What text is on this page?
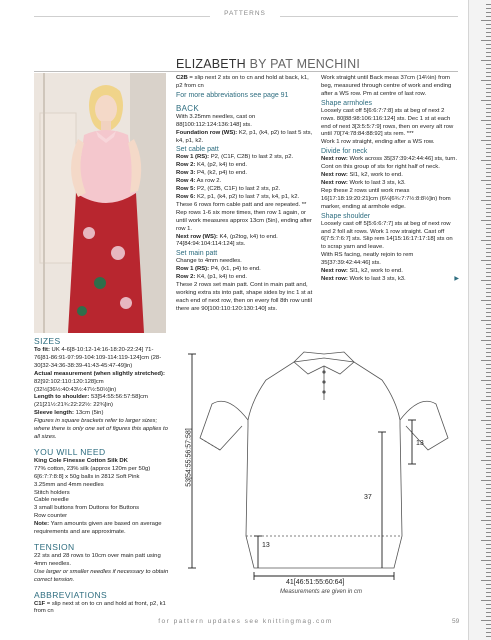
PATTERNS
ELIZABETH BY PAT MENCHINI

SIZES

To fit: UK 4-6[8-10:12-14:16-18:20-22:24] 71-76[81-86:91-97:99-104:109-114:119-124]cm (28-30[32-34:36-38:39-41:43-45:47-49]in)

Actual measurement (when slightly stretched): 82[92:102:110:120:128]cm (32½[36½:40:43½:47½:50½]in)

Length to shoulder: 53[54:55:56:57:58]cm (21[21½:21¾:22:22½: 22¾]in)

Sleeve length: 13cm (5in)

Figures in square brackets refer to larger sizes; where there is only one set of figures this applies to all sizes.

YOU WILL NEED

King Cole Finesse Cotton Silk DK

77% cotton, 23% silk (approx 120m per 50g) 6[6:7:7:8:8] x 50g balls in 2812 Soft Pink

3.25mm and 4mm needles

Stitch holders

Cable needle

3 small buttons from Duttons for Buttons

Row counter

Note: Yarn amounts given are based on average requirements and are approximate.

TENSION

22 sts and 28 rows to 10cm over main patt using 4mm needles.

Use larger or smaller needles if necessary to obtain correct tension.

ABBREVIATIONS

C1F = slip next st on to cn and hold at front, p2, k1 from cn

C2B = slip next 2 sts on to cn and hold at back, k1, p2 from cn

For more abbreviations see page 91

BACK

With 3.25mm needles, cast on 88[100:112:124:136:148] sts.

Foundation row (WS): K2, p1, (k4, p2) to last 5 sts, k4, p1, k2.

Set cable patt

Row 1 (RS): P2, (C1F, C2B) to last 2 sts, p2.

Row 2: K4, (p2, k4) to end.

Row 3: P4, (k2, p4) to end.

Row 4: As row 2.

Row 5: P2, (C2B, C1F) to last 2 sts, p2.

Row 6: K2, p1, (k4, p2) to last 7 sts, k4, p1, k2.

These 6 rows form cable patt and are repeated. **

Rep rows 1-6 six more times, then row 1 again, or until work measures approx 13cm (5in), ending after row 1.

Next row (WS): K4, (p2tog, k4) to end. 74[84:94:104:114:124] sts.

Set main patt

Change to 4mm needles.

Row 1 (RS): P4, (k1, p4) to end.

Row 2: K4, (p1, k4) to end.

These 2 rows set main patt. Cont in main patt and, working extra sts into patt, shape sides by inc 1 st at each end of next row, then on every foll 8th row until there are 90[100:110:120:130:140] sts.

Work straight until Back meas 37cm (14½in) from beg, measured through centre of work and ending after a WS row. Pm at centre of last row.

Shape armholes

Loosely cast off 5[6:6:7:7:8] sts at beg of next 2 rows. 80[88:98:106:116:124] sts. Dec 1 st at each end of next 3[3:5:5:7:9] rows, then on every alt row until 70[74:78:84:88:92] sts rem. ***

Work 1 row straight, ending after a WS row.

Divide for neck

Next row: Work across 35[37:39:42:44:46] sts, turn.

Cont on this group of sts for right half of neck.

Next row: Sl1, k2, work to end.

Next row: Work to last 3 sts, k3.

Rep these 2 rows until work meas 16[17:18:19:20:21]cm (6¼[6¾:7:7½:8:8½]in) from marker, ending at armhole edge.

Shape shoulder

Loosely cast off 5[5:6:6:7:7] sts at beg of next row and 2 foll alt rows. Work 1 row straight. Cast off 6[7:5:7:6:7] sts. Slip rem 14[15:16:17:17:18] sts on to scrap yarn and leave.

With RS facing, neatly rejoin to rem 35[37:39:42:44:46] sts.

Next row: Sl1, k2, work to end.

Next row: Work to last 3 sts, k3.	▶

53[54:55:56:57:58]
37
13
13
41[46:51:55:60:64]
Measurements are given in cm
for pattern updates see knittingmag.com	59
